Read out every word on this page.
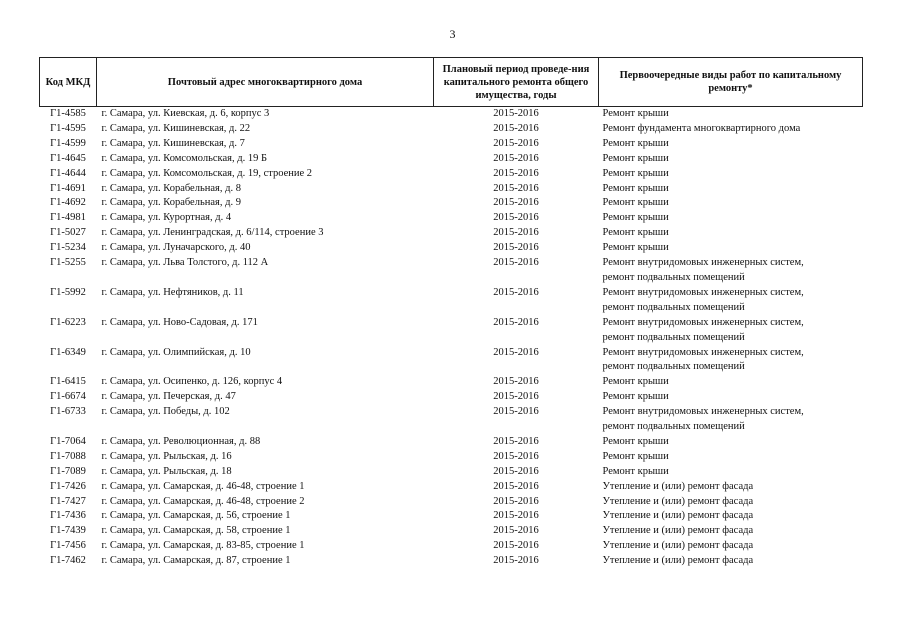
3
Код МКД	Почтовый адрес многоквартирного дома	Плановый период проведе-ния капитального ремонта общего имущества, годы	Первоочередные виды работ по капитальному ремонту*
Г1-4585	г. Самара, ул. Киевская, д. 6, корпус 3	2015-2016	Ремонт крыши

Г1-4595	г. Самара, ул. Кишиневская, д. 22	2015-2016	Ремонт фундамента многоквартирного дома

Г1-4599	г. Самара, ул. Кишиневская, д. 7	2015-2016	Ремонт крыши

Г1-4645	г. Самара, ул. Комсомольская, д. 19 Б	2015-2016	Ремонт крыши

Г1-4644	г. Самара, ул. Комсомольская, д. 19, строение 2	2015-2016	Ремонт крыши

Г1-4691	г. Самара, ул. Корабельная, д. 8	2015-2016	Ремонт крыши

Г1-4692	г. Самара, ул. Корабельная, д. 9	2015-2016	Ремонт крыши

Г1-4981	г. Самара, ул. Курортная, д. 4	2015-2016	Ремонт крыши

Г1-5027	г. Самара, ул. Ленинградская, д. 6/114, строение 3	2015-2016	Ремонт крыши

Г1-5234	г. Самара, ул. Луначарского, д. 40	2015-2016	Ремонт крыши

Г1-5255	г. Самара, ул. Льва Толстого, д. 112 А	2015-2016	Ремонт внутридомовых инженерных систем,
ремонт подвальных помещений

Г1-5992	г. Самара, ул. Нефтяников, д. 11	2015-2016	Ремонт внутридомовых инженерных систем,
ремонт подвальных помещений

Г1-6223	г. Самара, ул. Ново-Садовая, д. 171	2015-2016	Ремонт внутридомовых инженерных систем,
ремонт подвальных помещений

Г1-6349	г. Самара, ул. Олимпийская, д. 10	2015-2016	Ремонт внутридомовых инженерных систем,
ремонт подвальных помещений

Г1-6415	г. Самара, ул. Осипенко, д. 126, корпус 4	2015-2016	Ремонт крыши

Г1-6674	г. Самара, ул. Печерская, д. 47	2015-2016	Ремонт крыши

Г1-6733	г. Самара, ул. Победы, д. 102	2015-2016	Ремонт внутридомовых инженерных систем,
ремонт подвальных помещений

Г1-7064	г. Самара, ул. Революционная, д. 88	2015-2016	Ремонт крыши

Г1-7088	г. Самара, ул. Рыльская, д. 16	2015-2016	Ремонт крыши

Г1-7089	г. Самара, ул. Рыльская, д. 18	2015-2016	Ремонт крыши

Г1-7426	г. Самара, ул. Самарская, д. 46-48, строение 1	2015-2016	Утепление и (или) ремонт фасада

Г1-7427	г. Самара, ул. Самарская, д. 46-48, строение 2	2015-2016	Утепление и (или) ремонт фасада

Г1-7436	г. Самара, ул. Самарская, д. 56, строение 1	2015-2016	Утепление и (или) ремонт фасада

Г1-7439	г. Самара, ул. Самарская, д. 58, строение 1	2015-2016	Утепление и (или) ремонт фасада

Г1-7456	г. Самара, ул. Самарская, д. 83-85, строение 1	2015-2016	Утепление и (или) ремонт фасада

Г1-7462	г. Самара, ул. Самарская, д. 87, строение 1	2015-2016	Утепление и (или) ремонт фасада
